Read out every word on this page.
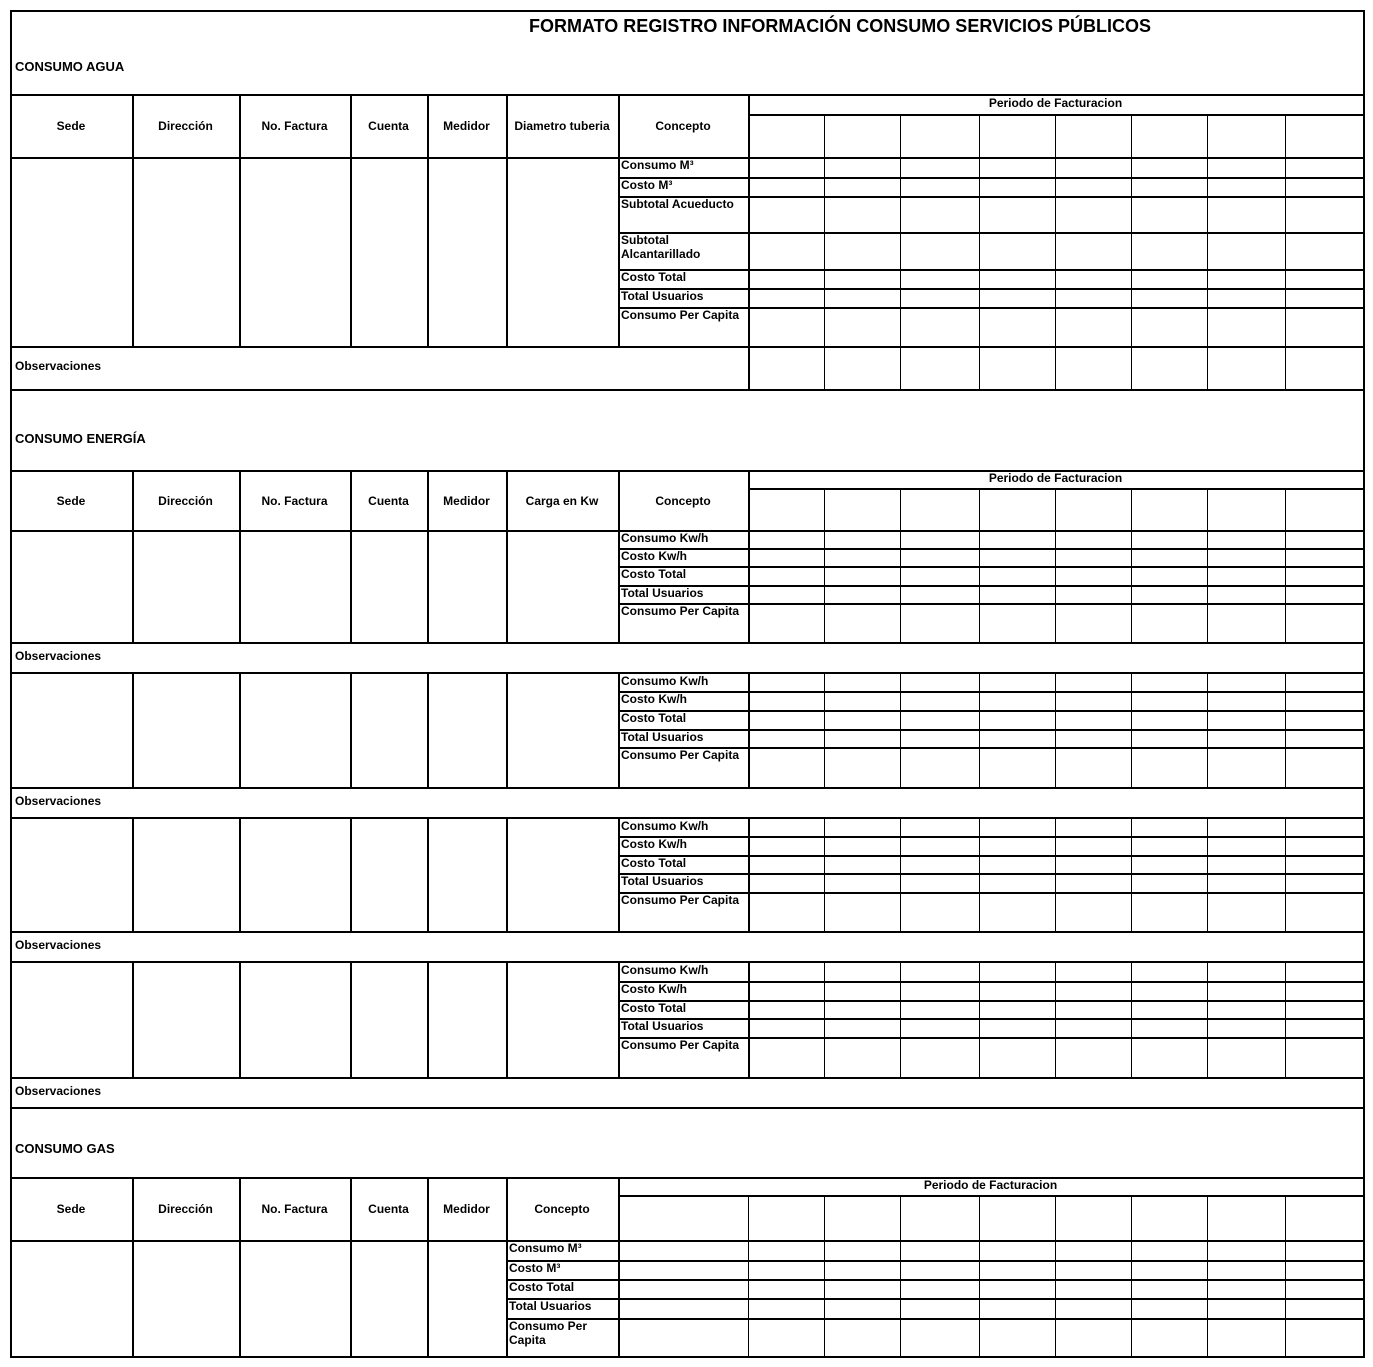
FORMATO REGISTRO INFORMACIÓN CONSUMO SERVICIOS PÚBLICOS
CONSUMO AGUA
Sede	Dirección	No. Factura	Cuenta	Medidor	Diametro tuberia	Concepto
Periodo de Facturacion
Consumo M³
Costo M³
Subtotal Acueducto
Subtotal Alcantarillado
Costo Total
Total Usuarios
Consumo Per Capita
Observaciones
CONSUMO ENERGÍA
Sede	Dirección	No. Factura	Cuenta	Medidor	Carga en Kw	Concepto
Periodo de Facturacion
Consumo Kw/h
Costo Kw/h
Costo Total
Total Usuarios
Consumo Per Capita
Observaciones
Consumo Kw/h
Costo Kw/h
Costo Total
Total Usuarios
Consumo Per Capita
Observaciones
Consumo Kw/h
Costo Kw/h
Costo Total
Total Usuarios
Consumo Per Capita
Observaciones
Consumo Kw/h
Costo Kw/h
Costo Total
Total Usuarios
Consumo Per Capita
Observaciones
CONSUMO GAS
Sede	Dirección	No. Factura	Cuenta	Medidor	Concepto
Periodo de Facturacion
Consumo M³
Costo M³
Costo Total
Total Usuarios
Consumo Per Capita
